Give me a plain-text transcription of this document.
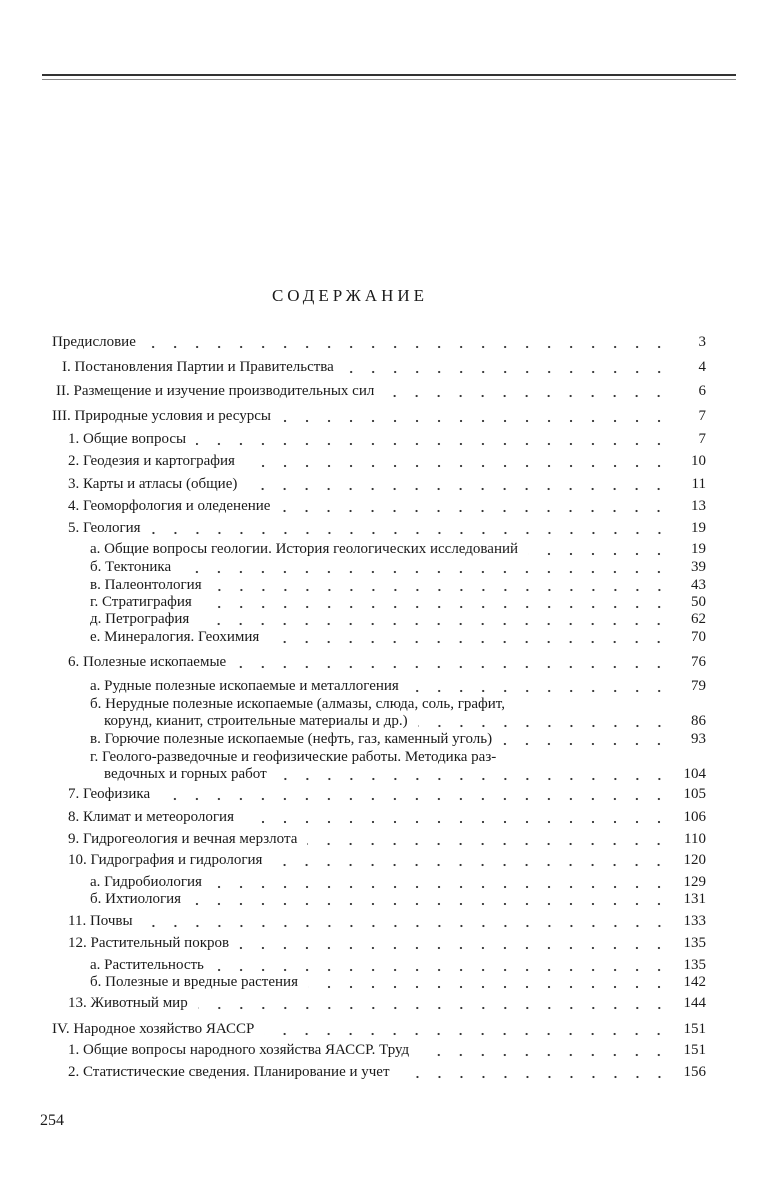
СОДЕРЖАНИЕ
Предисловие	3
I. Постановления Партии и Правительства	4
II. Размещение и изучение производительных сил	6
III. Природные условия и ресурсы	7
1. Общие вопросы	7
2. Геодезия и картография	10
3. Карты и атласы (общие)	11
4. Геоморфология и оледенение	13
5. Геология	19
а. Общие вопросы геологии. История геологических исследований	19
б. Тектоника	39
в. Палеонтология	43
г. Стратиграфия	50
д. Петрография	62
е. Минералогия. Геохимия	70
6. Полезные ископаемые	76
а. Рудные полезные ископаемые и металлогения	79
б. Нерудные полезные ископаемые (алмазы, слюда, соль, графит,
корунд, кианит, строительные материалы и др.)	86
в. Горючие полезные ископаемые (нефть, газ, каменный уголь)	93
г. Геолого-разведочные и геофизические работы. Методика раз-
ведочных и горных работ	104
7. Геофизика	105
8. Климат и метеорология	106
9. Гидрогеология и вечная мерзлота	110
10. Гидрография и гидрология	120
а. Гидробиология	129
б. Ихтиология	131
11. Почвы	133
12. Растительный покров	135
а. Растительность	135
б. Полезные и вредные растения	142
13. Животный мир	144
IV. Народное хозяйство ЯАССР	151
1. Общие вопросы народного хозяйства ЯАССР. Труд	151
2. Статистические сведения. Планирование и учет	156
254
